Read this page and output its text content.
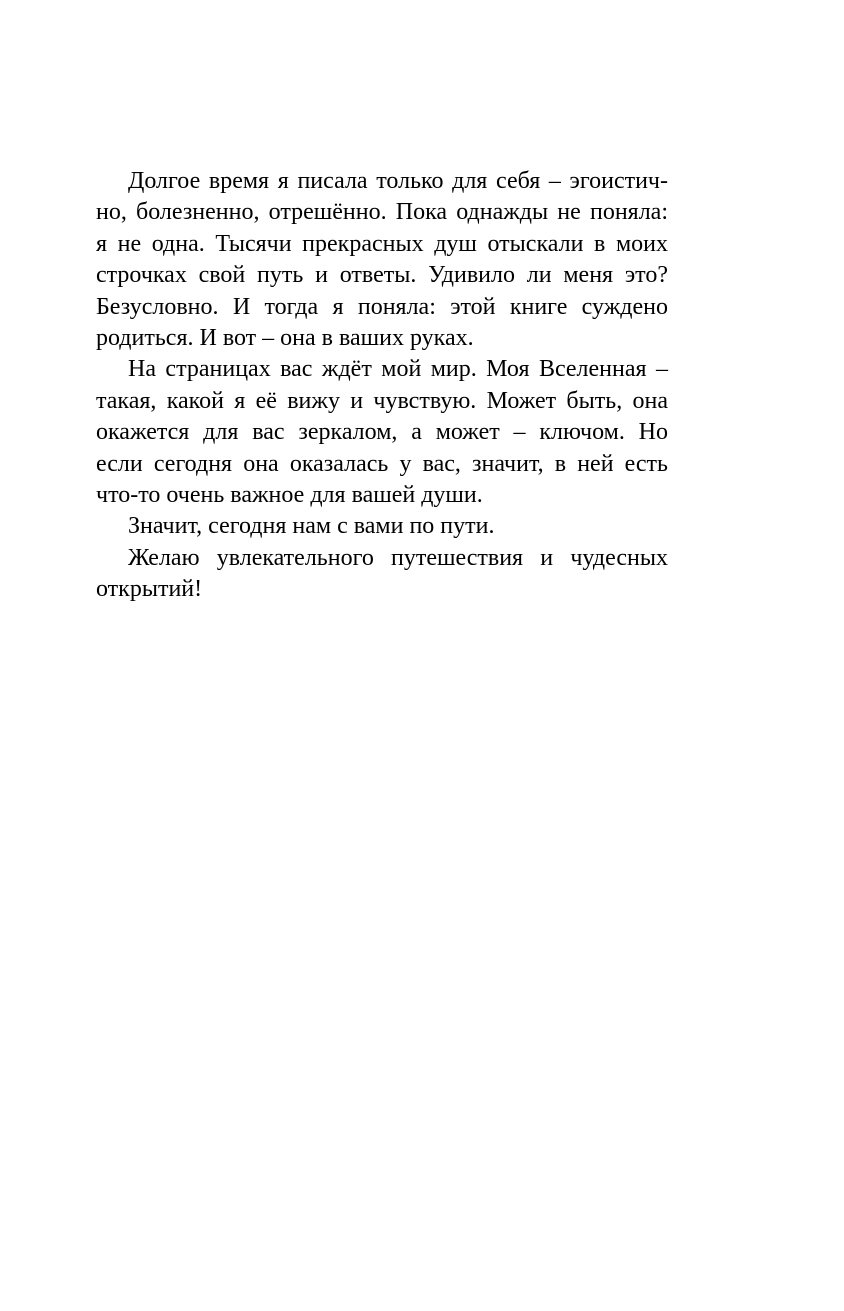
Долгое время я писала только для себя – эгоистич-
но, болезненно, отрешённо. Пока однажды не поняла:
я не одна. Тысячи прекрасных душ отыскали в моих
строчках свой путь и ответы. Удивило ли меня это?
Безусловно. И тогда я поняла: этой книге суждено
родиться. И вот – она в ваших руках.

На страницах вас ждёт мой мир. Моя Вселенная –
такая, какой я её вижу и чувствую. Может быть, она
окажется для вас зеркалом, а может – ключом. Но
если сегодня она оказалась у вас, значит, в ней есть
что-то очень важное для вашей души.

Значит, сегодня нам с вами по пути.

Желаю увлекательного путешествия и чудесных
открытий!
